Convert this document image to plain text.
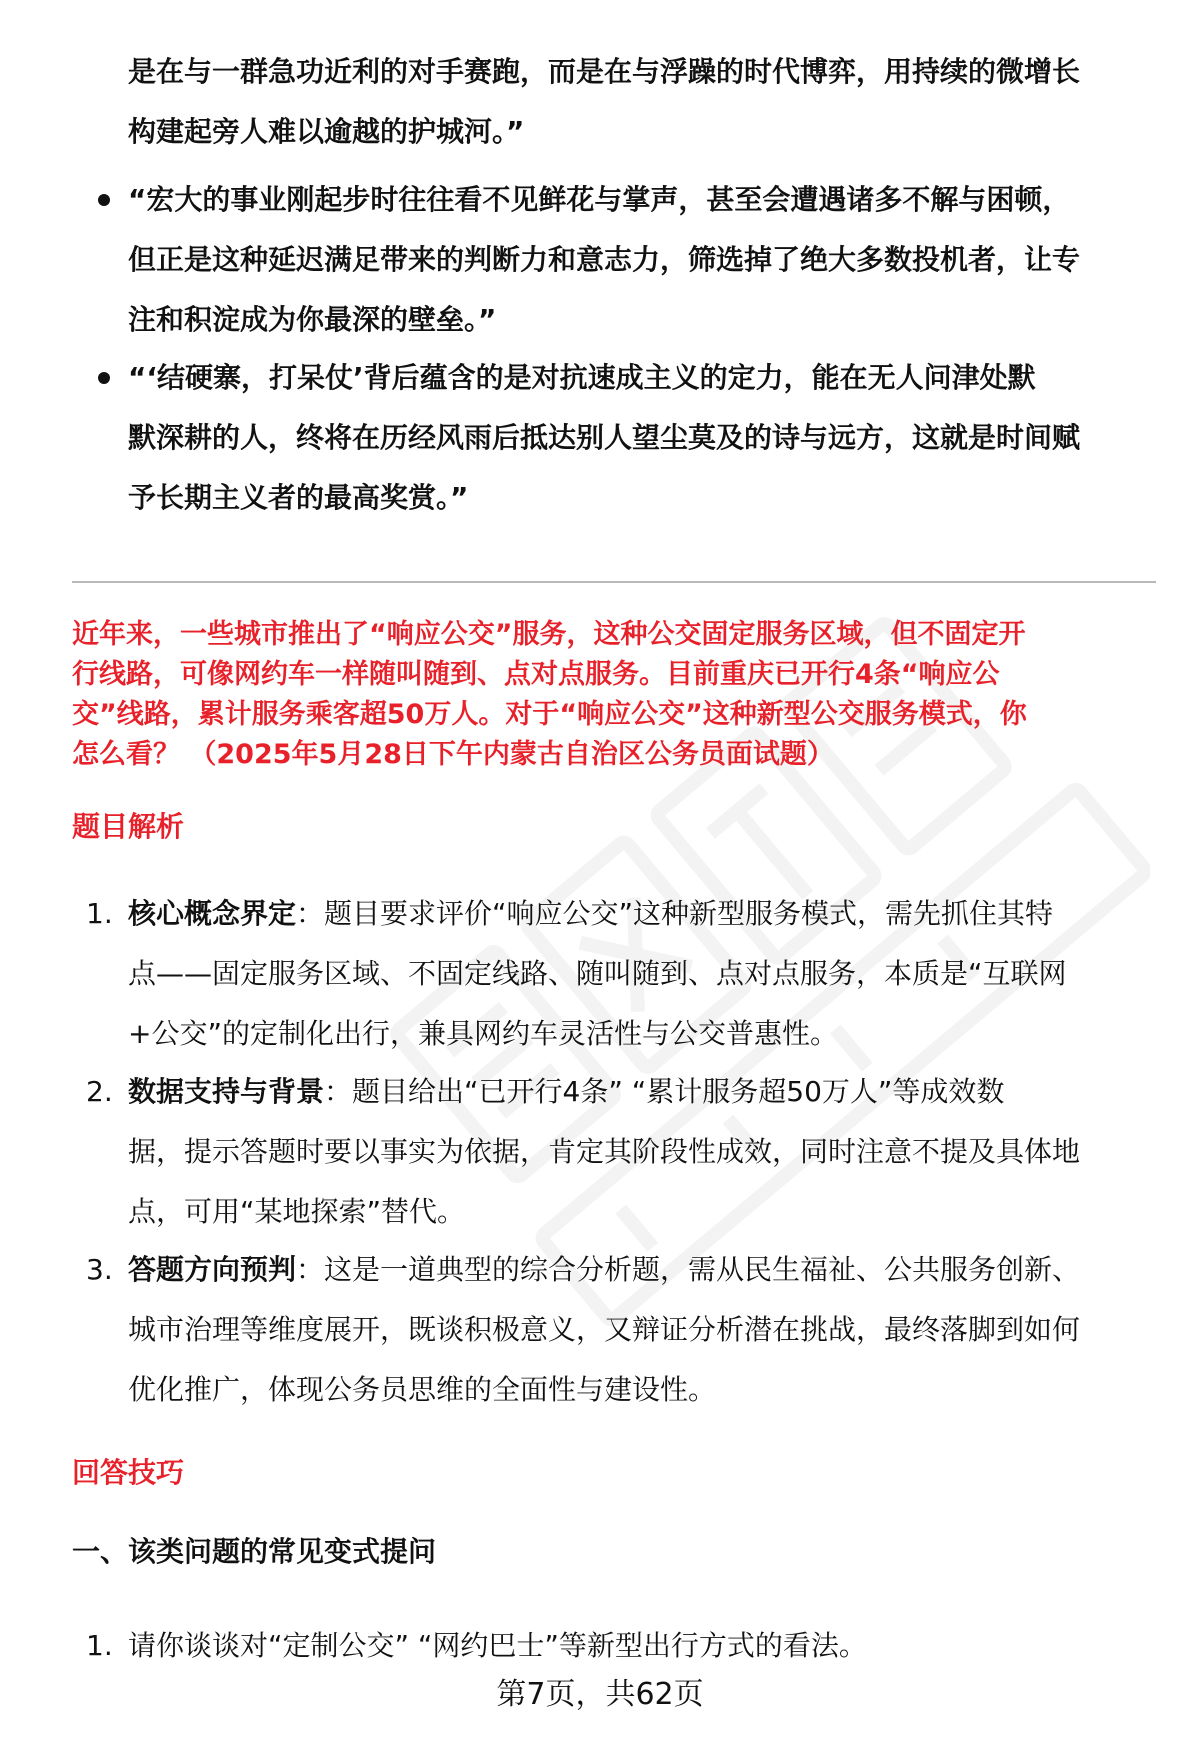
是在与一群急功近利的对手赛跑，而是在与浮躁的时代博弈，用持续的微增长
构建起旁人难以逾越的护城河。”
“宏大的事业刚起步时往往看不见鲜花与掌声，甚至会遭遇诸多不解与困顿，
但正是这种延迟满足带来的判断力和意志力，筛选掉了绝大多数投机者，让专
注和积淀成为你最深的壁垒。”
“‘结硬寨，打呆仗’背后蕴含的是对抗速成主义的定力，能在无人问津处默
默深耕的人，终将在历经风雨后抵达别人望尘莫及的诗与远方，这就是时间赋
予长期主义者的最高奖赏。”
近年来，一些城市推出了“响应公交”服务，这种公交固定服务区域，但不固定开
行线路，可像网约车一样随叫随到、点对点服务。目前重庆已开行4条“响应公
交”线路，累计服务乘客超50万人。对于“响应公交”这种新型公交服务模式，你
怎么看？ （2025年5月28日下午内蒙古自治区公务员面试题）
题目解析
1. 核心概念界定：题目要求评价“响应公交”这种新型服务模式，需先抓住其特
点——固定服务区域、不固定线路、随叫随到、点对点服务，本质是“互联网
+公交”的定制化出行，兼具网约车灵活性与公交普惠性。
2. 数据支持与背景：题目给出“已开行4条” “累计服务超50万人”等成效数
据，提示答题时要以事实为依据，肯定其阶段性成效，同时注意不提及具体地
点，可用“某地探索”替代。
3. 答题方向预判：这是一道典型的综合分析题，需从民生福祉、公共服务创新、
城市治理等维度展开，既谈积极意义，又辩证分析潜在挑战，最终落脚到如何
优化推广，体现公务员思维的全面性与建设性。
回答技巧
一、该类问题的常见变式提问
1. 请你谈谈对“定制公交” “网约巴士”等新型出行方式的看法。
第7页，共62页
